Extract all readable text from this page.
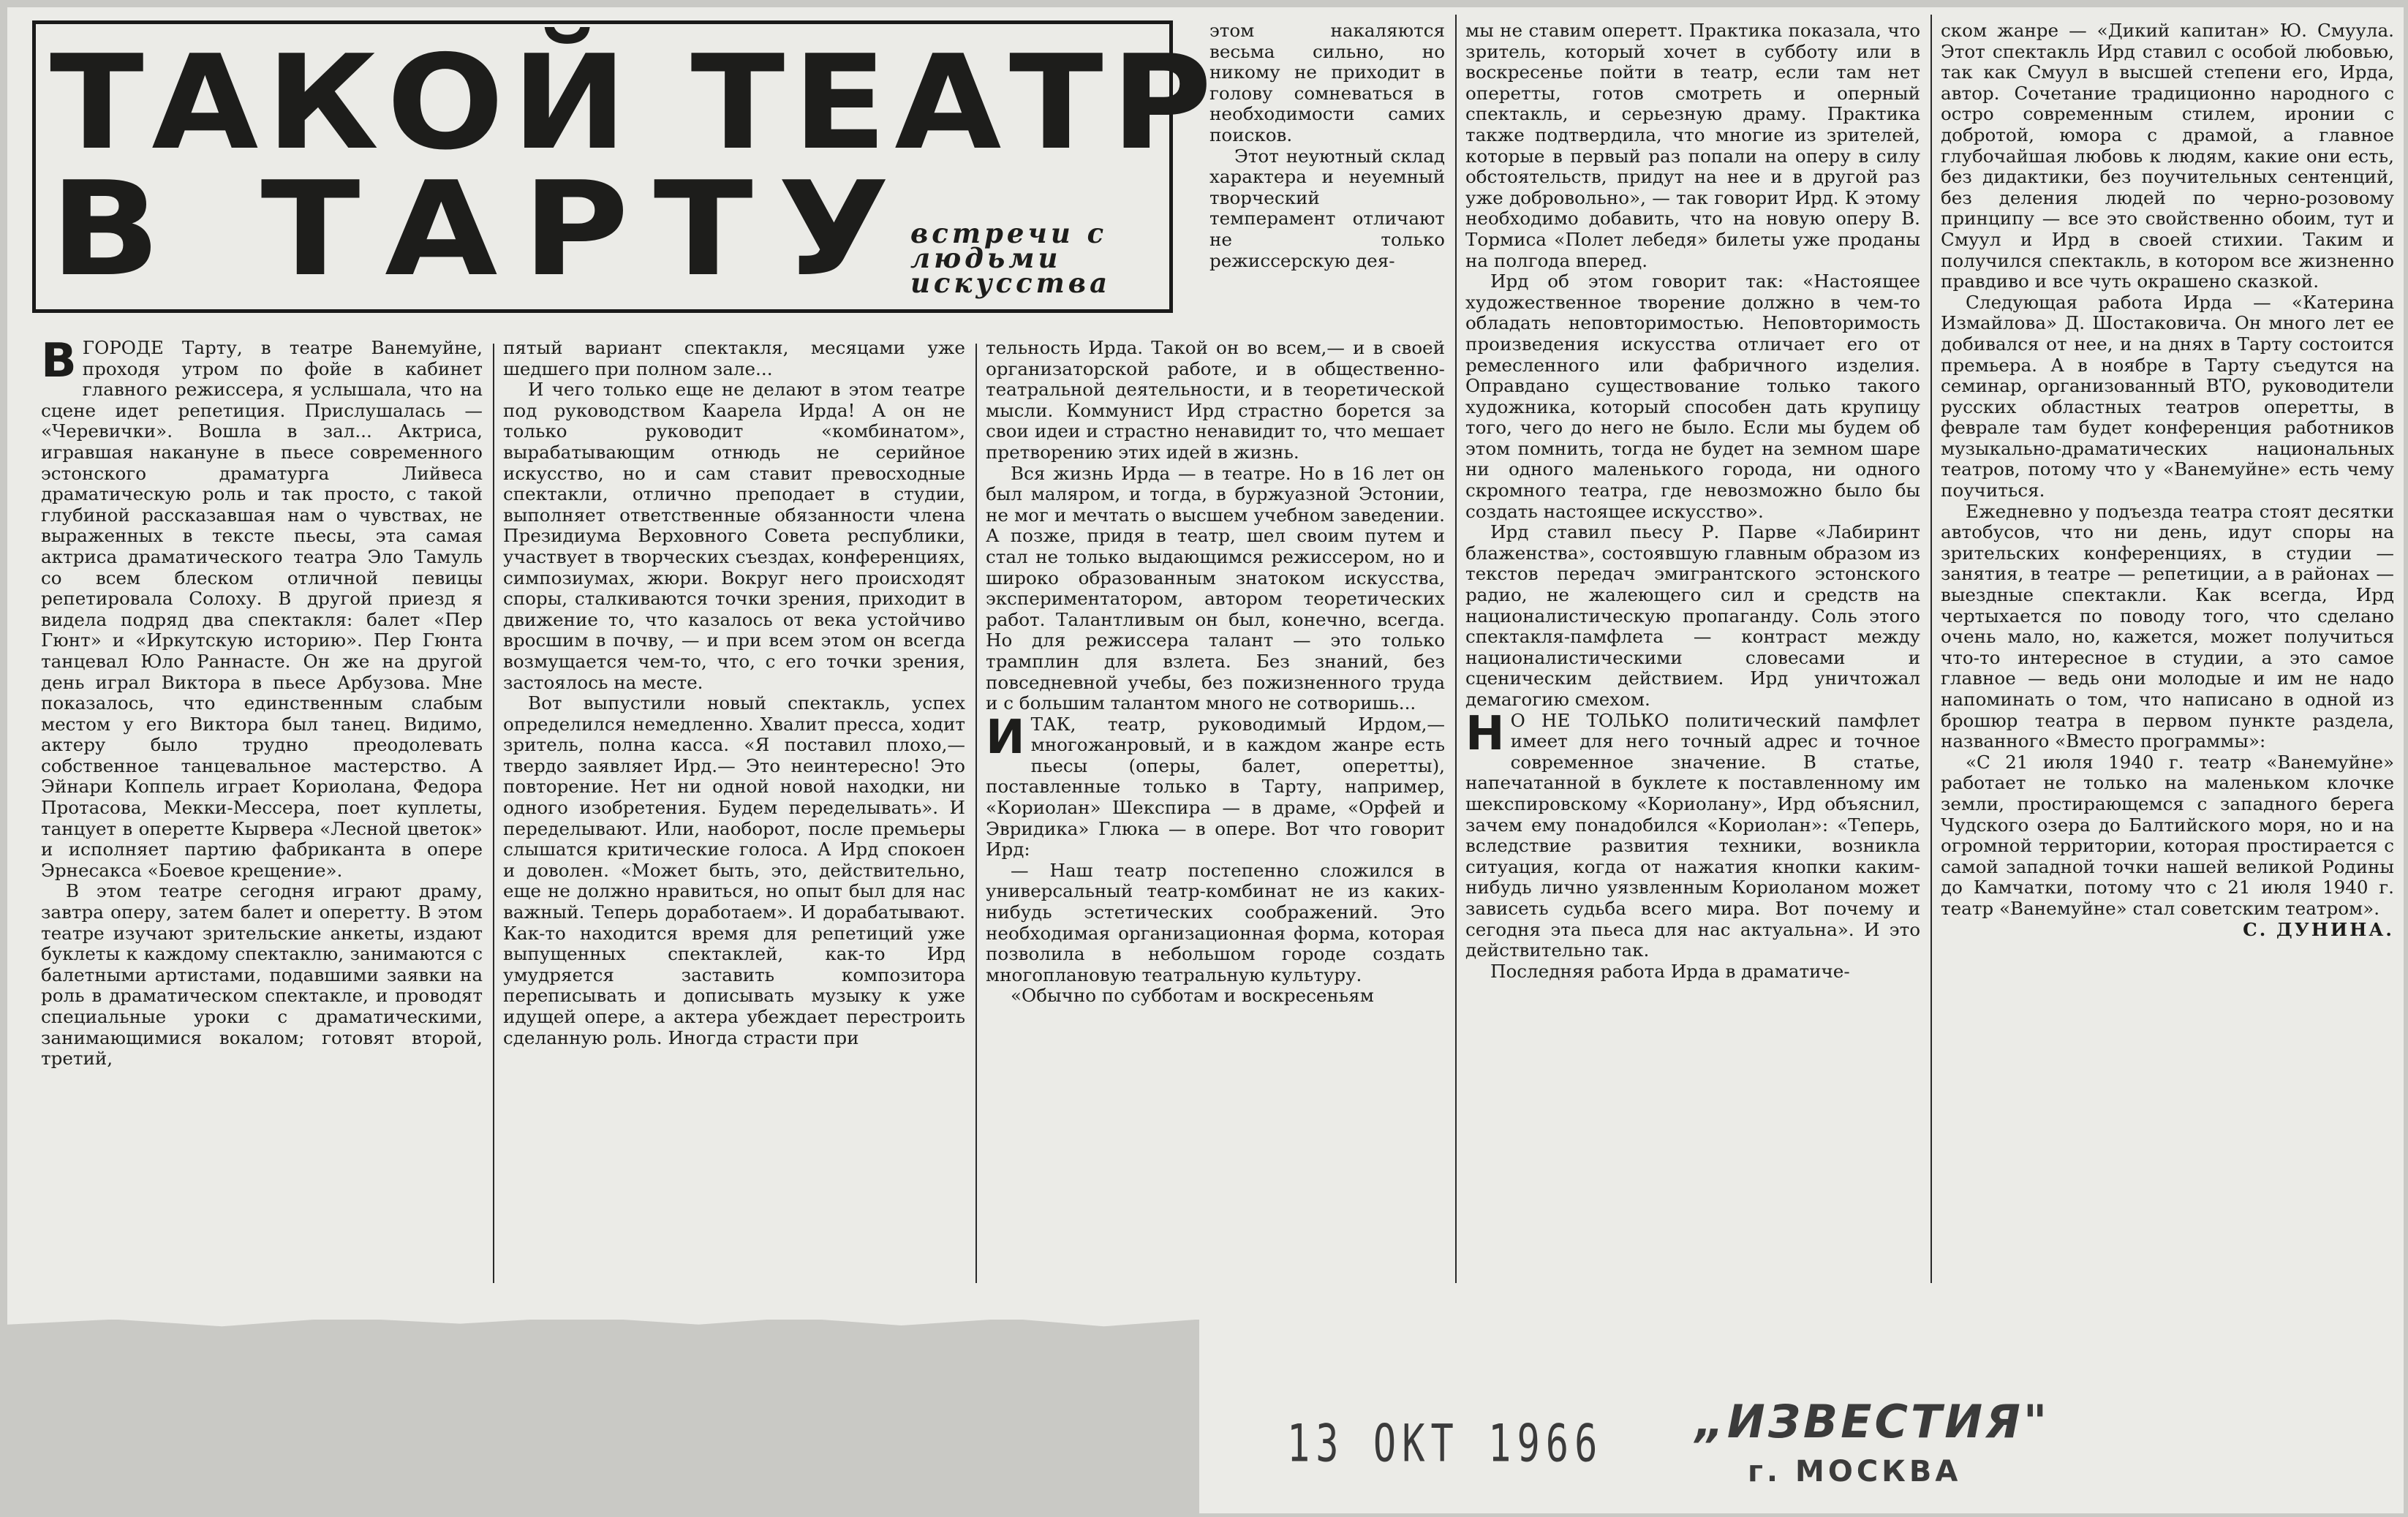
ТАКОЙ ТЕАТР
В ТАРТУ
встречи с людьми искусства

ВГОРОДЕ Тарту, в театре Ванемуйне, проходя утром по фойе в кабинет главного режиссера, я услышала, что на сцене идет репетиция. Прислушалась — «Черевички». Вошла в зал... Актриса, игравшая накануне в пьесе современного эстонского драматурга Лийвеса драматическую роль и так просто, с такой глубиной рассказавшая нам о чувствах, не выраженных в тексте пьесы, эта самая актриса драматического театра Эло Тамуль со всем блеском отличной певицы репетировала Солоху. В другой приезд я видела подряд два спектакля: балет «Пер Гюнт» и «Иркутскую историю». Пер Гюнта танцевал Юло Раннасте. Он же на другой день играл Виктора в пьесе Арбузова. Мне показалось, что единственным слабым местом у его Виктора был танец. Видимо, актеру было трудно преодолевать собственное танцевальное мастерство. А Эйнари Коппель играет Кориолана, Федора Протасова, Мекки-Мессера, поет куплеты, танцует в оперетте Кырвера «Лесной цветок» и исполняет партию фабриканта в опере Эрнесакса «Боевое крещение».

В этом театре сегодня играют драму, завтра оперу, затем балет и оперетту. В этом театре изучают зрительские анкеты, издают буклеты к каждому спектаклю, занимаются с балетными артистами, подавшими заявки на роль в драматическом спектакле, и проводят специальные уроки с драматическими, занимающимися вокалом; готовят второй, третий,

пятый вариант спектакля, месяцами уже шедшего при полном зале...

И чего только еще не делают в этом театре под руководством Каарела Ирда! А он не только руководит «комбинатом», вырабатывающим отнюдь не серийное искусство, но и сам ставит превосходные спектакли, отлично преподает в студии, выполняет ответственные обязанности члена Президиума Верховного Совета республики, участвует в творческих съездах, конференциях, симпозиумах, жюри. Вокруг него происходят споры, сталкиваются точки зрения, приходит в движение то, что казалось от века устойчиво вросшим в почву, — и при всем этом он всегда возмущается чем-то, что, с его точки зрения, застоялось на месте.

Вот выпустили новый спектакль, успех определился немедленно. Хвалит пресса, ходит зритель, полна касса. «Я поставил плохо,— твердо заявляет Ирд.— Это неинтересно! Это повторение. Нет ни одной новой находки, ни одного изобретения. Будем переделывать». И переделывают. Или, наоборот, после премьеры слышатся критические голоса. А Ирд спокоен и доволен. «Может быть, это, действительно, еще не должно нравиться, но опыт был для нас важный. Теперь доработаем». И дорабатывают. Как-то находится время для репетиций уже выпущенных спектаклей, как-то Ирд умудряется заставить композитора переписывать и дописывать музыку к уже идущей опере, а актера убеждает перестроить сделанную роль. Иногда страсти при

этом накаляются весьма сильно, но никому не приходит в голову сомневаться в необходимости самих поисков.

Этот неуютный склад характера и неуемный творческий темперамент отличают не только режиссерскую дея-

тельность Ирда. Такой он во всем,— и в своей организаторской работе, и в общественно-театральной деятельности, и в теоретической мысли. Коммунист Ирд страстно борется за свои идеи и страстно ненавидит то, что мешает претворению этих идей в жизнь.

Вся жизнь Ирда — в театре. Но в 16 лет он был маляром, и тогда, в буржуазной Эстонии, не мог и мечтать о высшем учебном заведении. А позже, придя в театр, шел своим путем и стал не только выдающимся режиссером, но и широко образованным знатоком искусства, экспериментатором, автором теоретических работ. Талантливым он был, конечно, всегда. Но для режиссера талант — это только трамплин для взлета. Без знаний, без повседневной учебы, без пожизненного труда и с большим талантом много не сотворишь...

ИТАК, театр, руководимый Ирдом,— многожанровый, и в каждом жанре есть пьесы (оперы, балет, оперетты), поставленные только в Тарту, например, «Кориолан» Шекспира — в драме, «Орфей и Эвридика» Глюка — в опере. Вот что говорит Ирд:

— Наш театр постепенно сложился в универсальный театр-комбинат не из каких-нибудь эстетических соображений. Это необходимая организационная форма, которая позволила в небольшом городе создать многоплановую театральную культуру.

«Обычно по субботам и воскресеньям

мы не ставим оперетт. Практика показала, что зритель, который хочет в субботу или в воскресенье пойти в театр, если там нет оперетты, готов смотреть и оперный спектакль, и серьезную драму. Практика также подтвердила, что многие из зрителей, которые в первый раз попали на оперу в силу обстоятельств, придут на нее и в другой раз уже добровольно», — так говорит Ирд. К этому необходимо добавить, что на новую оперу В. Тормиса «Полет лебедя» билеты уже проданы на полгода вперед.

Ирд об этом говорит так: «Настоящее художественное творение должно в чем-то обладать неповторимостью. Неповторимость произведения искусства отличает его от ремесленного или фабричного изделия. Оправдано существование только такого художника, который способен дать крупицу того, чего до него не было. Если мы будем об этом помнить, тогда не будет на земном шаре ни одного маленького города, ни одного скромного театра, где невозможно было бы создать настоящее искусство».

Ирд ставил пьесу Р. Парве «Лабиринт блаженства», состоявшую главным образом из текстов передач эмигрантского эстонского радио, не жалеющего сил и средств на националистическую пропаганду. Соль этого спектакля-памфлета — контраст между националистическими словесами и сценическим действием. Ирд уничтожал демагогию смехом.

Н О НЕ ТОЛЬКО политический памфлет имеет для него точный адрес и точное современное значение. В статье, напечатанной в буклете к поставленному им шекспировскому «Кориолану», Ирд объяснил, зачем ему понадобился «Кориолан»: «Теперь, вследствие развития техники, возникла ситуация, когда от нажатия кнопки каким-нибудь лично уязвленным Кориоланом может зависеть судьба всего мира. Вот почему и сегодня эта пьеса для нас актуальна». И это действительно так.

Последняя работа Ирда в драматиче-

ском жанре — «Дикий капитан» Ю. Смуула. Этот спектакль Ирд ставил с особой любовью, так как Смуул в высшей степени его, Ирда, автор. Сочетание традиционно народного с остро современным стилем, иронии с добротой, юмора с драмой, а главное глубочайшая любовь к людям, какие они есть, без дидактики, без поучительных сентенций, без деления людей по черно-розовому принципу — все это свойственно обоим, тут и Смуул и Ирд в своей стихии. Таким и получился спектакль, в котором все жизненно правдиво и все чуть окрашено сказкой.

Следующая работа Ирда — «Катерина Измайлова» Д. Шостаковича. Он много лет ее добивался от нее, и на днях в Тарту состоится премьера. А в ноябре в Тарту съедутся на семинар, организованный ВТО, руководители русских областных театров оперетты, в феврале там будет конференция работников музыкально-драматических национальных театров, потому что у «Ванемуйне» есть чему поучиться.

Ежедневно у подъезда театра стоят десятки автобусов, что ни день, идут споры на зрительских конференциях, в студии — занятия, в театре — репетиции, а в районах — выездные спектакли. Как всегда, Ирд чертыхается по поводу того, что сделано очень мало, но, кажется, может получиться что-то интересное в студии, а это самое главное — ведь они молодые и им не надо напоминать о том, что написано в одной из брошюр театра в первом пункте раздела, названного «Вместо программы»:

«С 21 июля 1940 г. театр «Ванемуйне» работает не только на маленьком клочке земли, простирающемся с западного берега Чудского озера до Балтийского моря, но и на огромной территории, которая простирается с самой западной точки нашей великой Родины до Камчатки, потому что с 21 июля 1940 г. театр «Ванемуйне» стал советским театром».

С. ДУНИНА.

13 ОКТ 1966 „ИЗВЕСТИЯ"
г. МОСКВА
